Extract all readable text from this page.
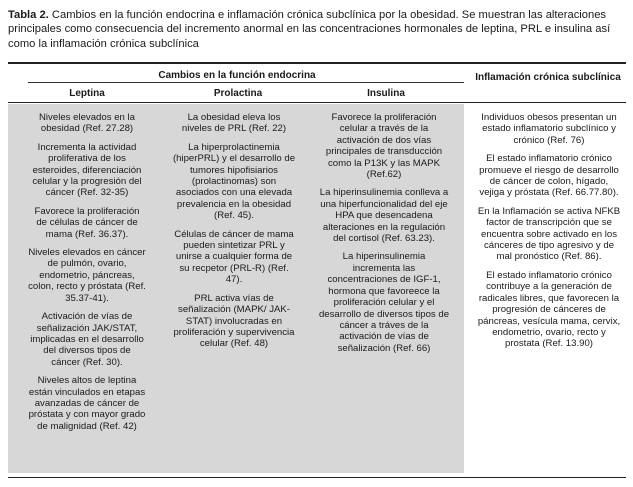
Tabla 2. Cambios en la función endocrina e inflamación crónica subclínica por la obesidad. Se muestran las alteraciones principales como consecuencia del incremento anormal en las concentraciones hormonales de leptina, PRL e insulina así como la inflamación crónica subclínica
Cambios en la función endocrina
Leptina	Prolactina	Insulina
Inflamación crónica subclínica

Niveles elevados en la obesidad (Ref. 27.28)

Incrementa la actividad proliferativa de los esteroides, diferenciación celular y la progresión del cáncer (Ref. 32-35)

Favorece la proliferación de células de cáncer de mama (Ref. 36.37).

Niveles elevados en cáncer de pulmón, ovario, endometrio, páncreas, colon, recto y próstata (Ref. 35.37-41).

Activación de vías de señalización JAK/STAT, implicadas en el desarrollo del diversos tipos de cáncer (Ref. 30).

Niveles altos de leptina están vinculados en etapas avanzadas de cáncer de próstata y con mayor grado de malignidad (Ref. 42)

La obesidad eleva los niveles de PRL (Ref. 22)

La hiperprolactinemia (hiperPRL) y el desarrollo de tumores hipofisiarios (prolactinomas) son asociados con una elevada prevalencia en la obesidad (Ref. 45).

Células de cáncer de mama pueden sintetizar PRL y unirse a cualquier forma de su recpetor (PRL-R) (Ref. 47).

PRL activa vías de señalización (MAPK/ JAK-STAT) involucradas en proliferación y supervivencia celular (Ref. 48)

Favorece la proliferación celular a través de la activación de dos vías principales de transducción como la P13K y las MAPK (Ref.62)

La hiperinsulinemia conlleva a una hiperfuncionalidad del eje HPA que desencadena alteraciones en la regulación del cortisol (Ref. 63.23).

La hiperinsulinemia incrementa las concentraciones de IGF-1, hormona que favoreece la proliferación celular y el desarrollo de diversos tipos de cáncer a tráves de la activación de vías de señalización (Ref. 66)

Individuos obesos presentan un estado inflamatorio subclínico y crónico (Ref. 76)

El estado inflamatorio crónico promueve el riesgo de desarrollo de cáncer de colon, hígado, vejiga y próstata (Ref. 66.77.80).

En la Inflamación se activa NFKB factor de transcripción que se encuentra sobre activado en los cánceres de tipo agresivo y de mal pronóstico (Ref. 86).

El estado inflamatorio crónico contribuye a la generación de radicales libres, que favorecen la progresión de cánceres de páncreas, vesícula mama, cervix, endometrio, ovario, recto y prostata (Ref. 13.90)
